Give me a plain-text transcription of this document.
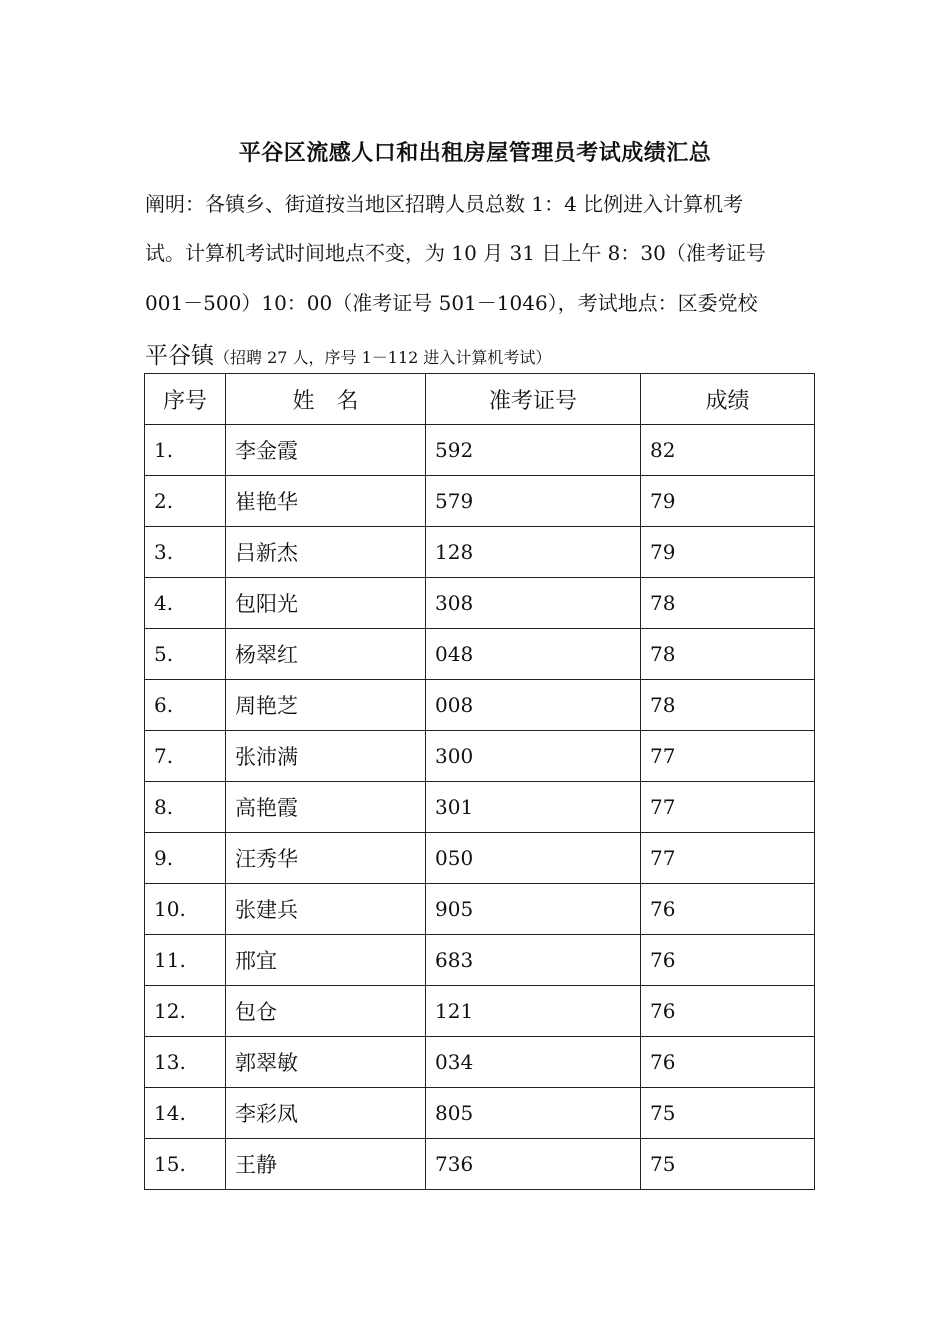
平谷区流感人口和出租房屋管理员考试成绩汇总
阐明：各镇乡、街道按当地区招聘人员总数 1：4 比例进入计算机考
试。计算机考试时间地点不变，为 10 月 31 日上午 8：30（准考证号
001－500）10：00（准考证号 501－1046），考试地点：区委党校
平谷镇（招聘 27 人，序号 1－112 进入计算机考试）
序号	姓　名	准考证号	成绩
1.	李金霞	592	82
2.	崔艳华	579	79
3.	吕新杰	128	79
4.	包阳光	308	78
5.	杨翠红	048	78
6.	周艳芝	008	78
7.	张沛满	300	77
8.	高艳霞	301	77
9.	汪秀华	050	77
10.	张建兵	905	76
11.	邢宜	683	76
12.	包仓	121	76
13.	郭翠敏	034	76
14.	李彩凤	805	75
15.	王静	736	75
